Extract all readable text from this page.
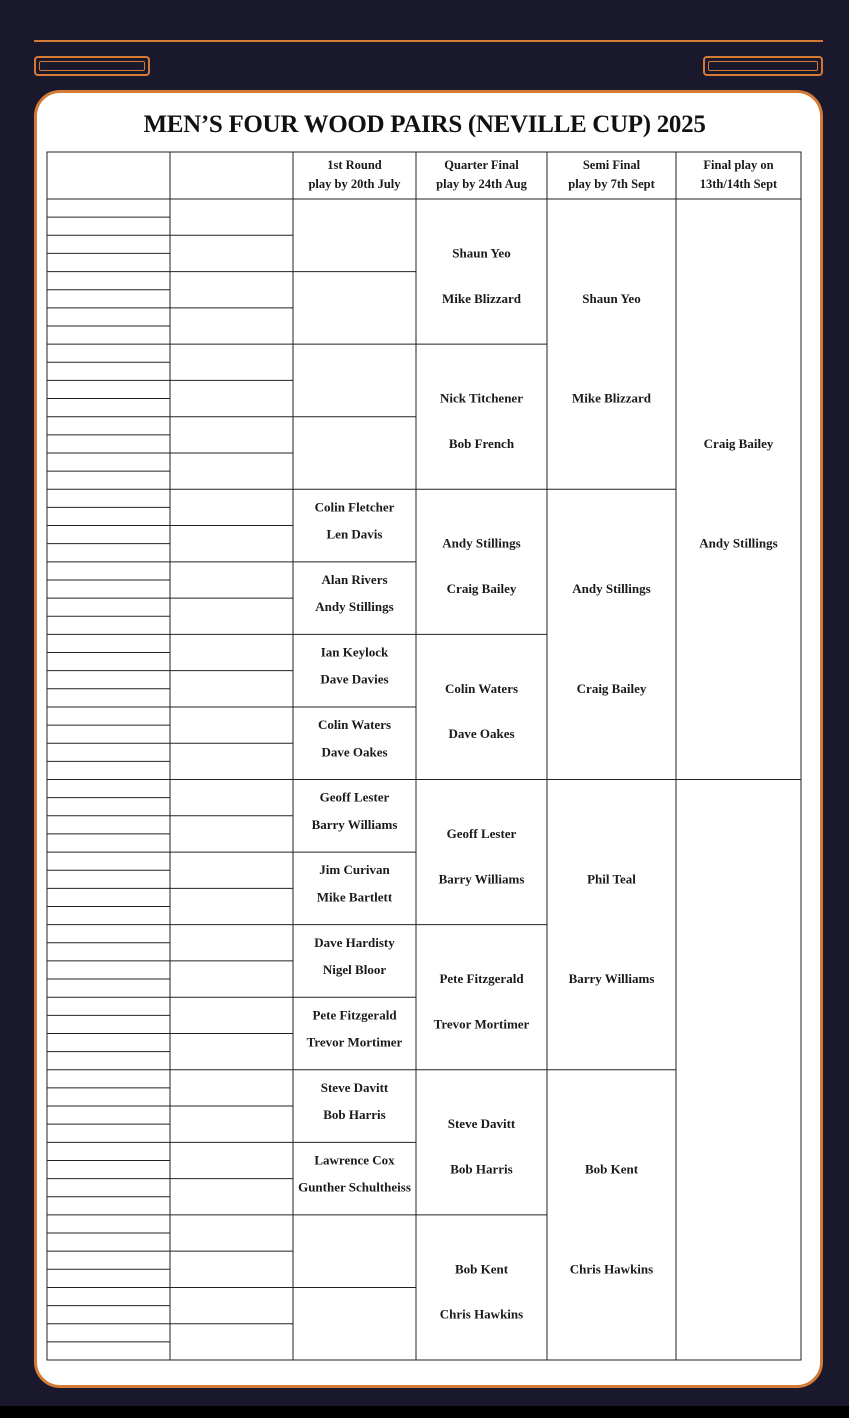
MEN’S FOUR WOOD PAIRS (NEVILLE CUP) 2025
1st Round
play by 20th July
Quarter Final
play by 24th Aug
Semi Final
play by 7th Sept
Final play on
13th/14th Sept
Colin Fletcher
Len Davis
Alan Rivers
Andy Stillings
Ian Keylock
Dave Davies
Colin Waters
Dave Oakes
Geoff Lester
Barry Williams
Jim Curivan
Mike Bartlett
Dave Hardisty
Nigel Bloor
Pete Fitzgerald
Trevor Mortimer
Steve Davitt
Bob Harris
Lawrence Cox
Gunther Schultheiss
Shaun Yeo
Mike Blizzard
Nick Titchener
Bob French
Andy Stillings
Craig Bailey
Colin Waters
Dave Oakes
Geoff Lester
Barry Williams
Pete Fitzgerald
Trevor Mortimer
Steve Davitt
Bob Harris
Bob Kent
Chris Hawkins
Shaun Yeo
Mike Blizzard
Andy Stillings
Craig Bailey
Phil Teal
Barry Williams
Bob Kent
Chris Hawkins
Craig Bailey
Andy Stillings
